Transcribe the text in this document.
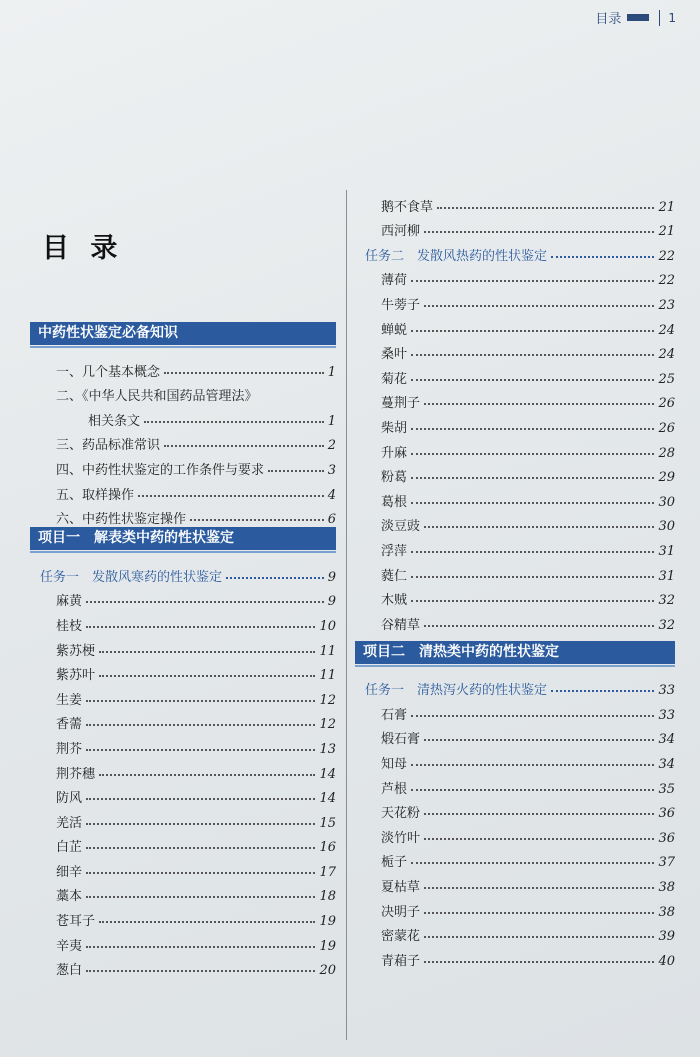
目录	1
目 录
中药性状鉴定必备知识
一、几个基本概念	1
二、《中华人民共和国药品管理法》
相关条文	1
三、药品标准常识	2
四、中药性状鉴定的工作条件与要求	3
五、取样操作	4
六、中药性状鉴定操作	6
项目一　解表类中药的性状鉴定
任务一　发散风寒药的性状鉴定	9
麻黄	9
桂枝	10
紫苏梗	11
紫苏叶	11
生姜	12
香薷	12
荆芥	13
荆芥穗	14
防风	14
羌活	15
白芷	16
细辛	17
藁本	18
苍耳子	19
辛夷	19
葱白	20
鹅不食草	21
西河柳	21
任务二　发散风热药的性状鉴定	22
薄荷	22
牛蒡子	23
蝉蜕	24
桑叶	24
菊花	25
蔓荆子	26
柴胡	26
升麻	28
粉葛	29
葛根	30
淡豆豉	30
浮萍	31
蕤仁	31
木贼	32
谷精草	32
项目二　清热类中药的性状鉴定
任务一　清热泻火药的性状鉴定	33
石膏	33
煅石膏	34
知母	34
芦根	35
天花粉	36
淡竹叶	36
栀子	37
夏枯草	38
决明子	38
密蒙花	39
青葙子	40
